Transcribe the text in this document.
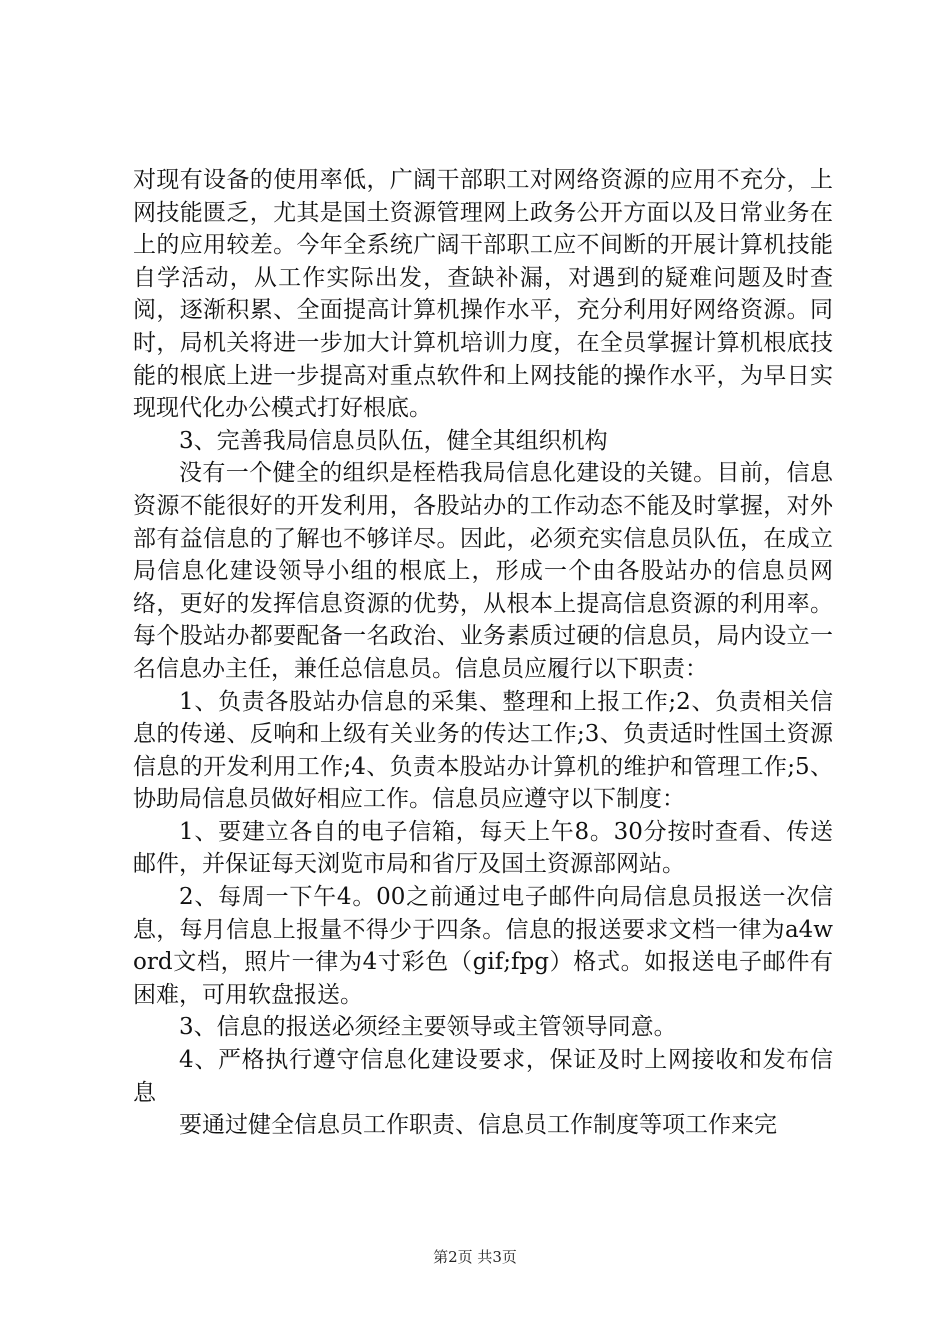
对现有设备的使用率低，广阔干部职工对网络资源的应用不充分，上网技能匮乏，尤其是国土资源管理网上政务公开方面以及日常业务在上的应用较差。今年全系统广阔干部职工应不间断的开展计算机技能自学活动，从工作实际出发，查缺补漏，对遇到的疑难问题及时查阅，逐渐积累、全面提高计算机操作水平，充分利用好网络资源。同时，局机关将进一步加大计算机培训力度，在全员掌握计算机根底技能的根底上进一步提高对重点软件和上网技能的操作水平，为早日实现现代化办公模式打好根底。

3、完善我局信息员队伍，健全其组织机构

没有一个健全的组织是桎梏我局信息化建设的关键。目前，信息资源不能很好的开发利用，各股站办的工作动态不能及时掌握，对外部有益信息的了解也不够详尽。因此，必须充实信息员队伍，在成立局信息化建设领导小组的根底上，形成一个由各股站办的信息员网络，更好的发挥信息资源的优势，从根本上提高信息资源的利用率。每个股站办都要配备一名政治、业务素质过硬的信息员，局内设立一名信息办主任，兼任总信息员。信息员应履行以下职责：

1、负责各股站办信息的采集、整理和上报工作;2、负责相关信息的传递、反响和上级有关业务的传达工作;3、负责适时性国土资源信息的开发利用工作;4、负责本股站办计算机的维护和管理工作;5、协助局信息员做好相应工作。信息员应遵守以下制度：

1、要建立各自的电子信箱，每天上午8。30分按时查看、传送邮件，并保证每天浏览市局和省厅及国土资源部网站。

2、每周一下午4。00之前通过电子邮件向局信息员报送一次信息，每月信息上报量不得少于四条。信息的报送要求文档一律为a4word文档，照片一律为4寸彩色（gif;fpg）格式。如报送电子邮件有困难，可用软盘报送。

3、信息的报送必须经主要领导或主管领导同意。

4、严格执行遵守信息化建设要求，保证及时上网接收和发布信息

要通过健全信息员工作职责、信息员工作制度等项工作来完

第2页 共3页
